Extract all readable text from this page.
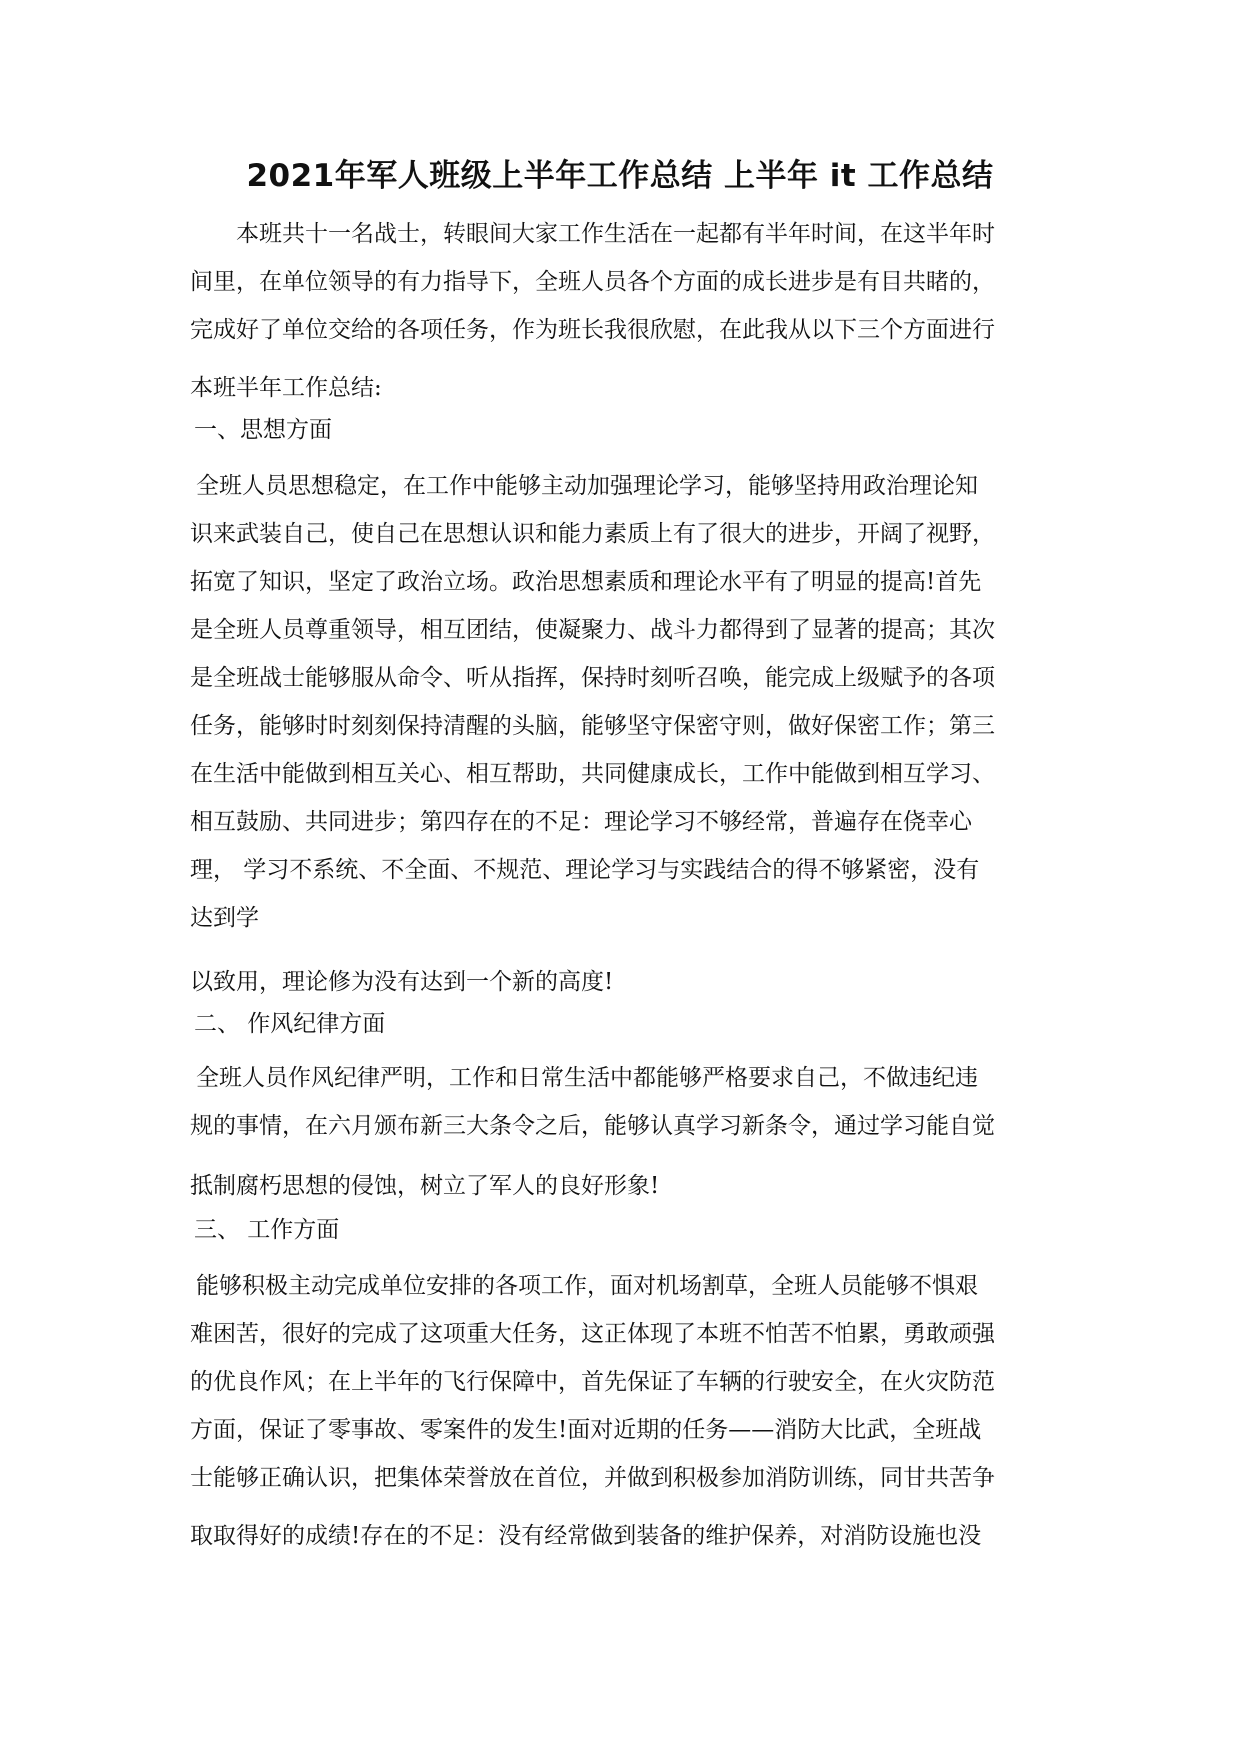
2021年军人班级上半年工作总结 上半年 it 工作总结
本班共十一名战士，转眼间大家工作生活在一起都有半年时间，在这半年时
间里，在单位领导的有力指导下，全班人员各个方面的成长进步是有目共睹的，
完成好了单位交给的各项任务，作为班长我很欣慰，在此我从以下三个方面进行
本班半年工作总结:
一、思想方面
全班人员思想稳定，在工作中能够主动加强理论学习，能够坚持用政治理论知
识来武装自己，使自己在思想认识和能力素质上有了很大的进步，开阔了视野，
拓宽了知识，坚定了政治立场。政治思想素质和理论水平有了明显的提高!首先
是全班人员尊重领导，相互团结，使凝聚力、战斗力都得到了显著的提高；其次
是全班战士能够服从命令、听从指挥，保持时刻听召唤，能完成上级赋予的各项
任务，能够时时刻刻保持清醒的头脑，能够坚守保密守则，做好保密工作；第三
在生活中能做到相互关心、相互帮助，共同健康成长，工作中能做到相互学习、
相互鼓励、共同进步；第四存在的不足：理论学习不够经常，普遍存在侥幸心
理， 学习不系统、不全面、不规范、理论学习与实践结合的得不够紧密，没有
达到学
以致用，理论修为没有达到一个新的高度!
二、 作风纪律方面
全班人员作风纪律严明，工作和日常生活中都能够严格要求自己，不做违纪违
规的事情，在六月颁布新三大条令之后，能够认真学习新条令，通过学习能自觉
抵制腐朽思想的侵蚀，树立了军人的良好形象!
三、 工作方面
能够积极主动完成单位安排的各项工作，面对机场割草，全班人员能够不惧艰
难困苦，很好的完成了这项重大任务，这正体现了本班不怕苦不怕累，勇敢顽强
的优良作风；在上半年的飞行保障中，首先保证了车辆的行驶安全，在火灾防范
方面，保证了零事故、零案件的发生!面对近期的任务——消防大比武，全班战
士能够正确认识，把集体荣誉放在首位，并做到积极参加消防训练，同甘共苦争
取取得好的成绩!存在的不足：没有经常做到装备的维护保养，对消防设施也没
